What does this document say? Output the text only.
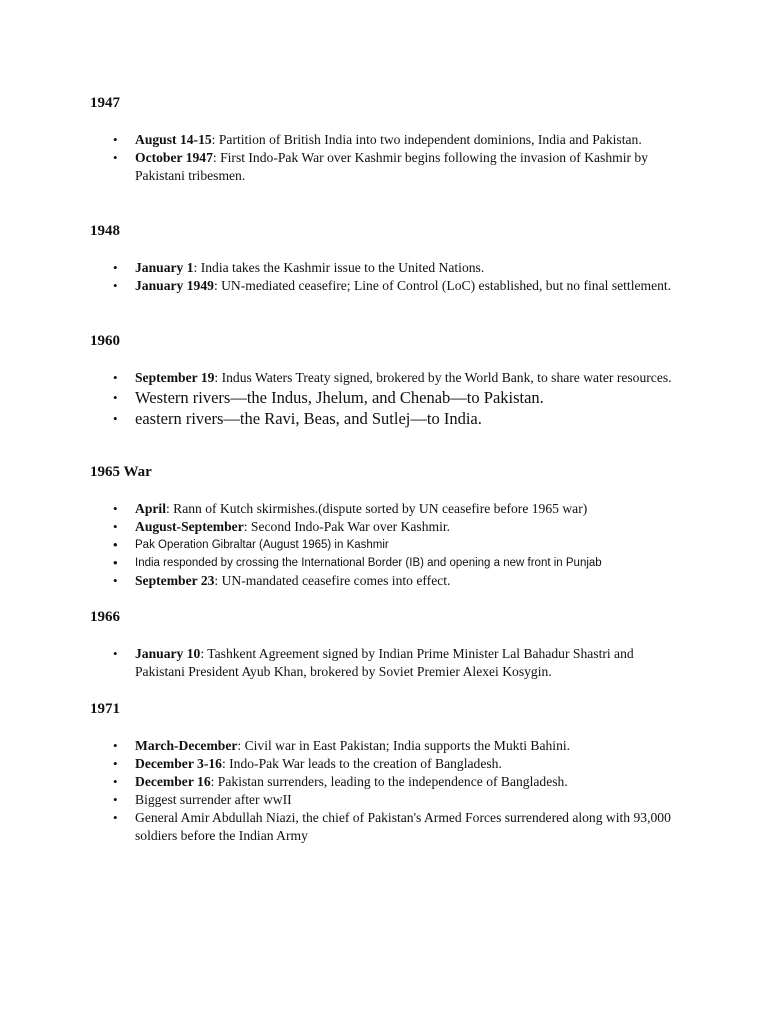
1947
• August 14-15: Partition of British India into two independent dominions, India and Pakistan.
• October 1947: First Indo-Pak War over Kashmir begins following the invasion of Kashmir by Pakistani tribesmen.
1948
• January 1: India takes the Kashmir issue to the United Nations.
• January 1949: UN-mediated ceasefire; Line of Control (LoC) established, but no final settlement.
1960
• September 19: Indus Waters Treaty signed, brokered by the World Bank, to share water resources.
• Western rivers—the Indus, Jhelum, and Chenab—to Pakistan.
• eastern rivers—the Ravi, Beas, and Sutlej—to India.
1965 War
• April: Rann of Kutch skirmishes.(dispute sorted by UN ceasefire before 1965 war)
• August-September: Second Indo-Pak War over Kashmir.
• Pak Operation Gibraltar (August 1965) in Kashmir
• India responded by crossing the International Border (IB) and opening a new front in Punjab
• September 23: UN-mandated ceasefire comes into effect.
1966
• January 10: Tashkent Agreement signed by Indian Prime Minister Lal Bahadur Shastri and Pakistani President Ayub Khan, brokered by Soviet Premier Alexei Kosygin.
1971
• March-December: Civil war in East Pakistan; India supports the Mukti Bahini.
• December 3-16: Indo-Pak War leads to the creation of Bangladesh.
• December 16: Pakistan surrenders, leading to the independence of Bangladesh.
• Biggest surrender after wwII
• General Amir Abdullah Niazi, the chief of Pakistan's Armed Forces surrendered along with 93,000 soldiers before the Indian Army
